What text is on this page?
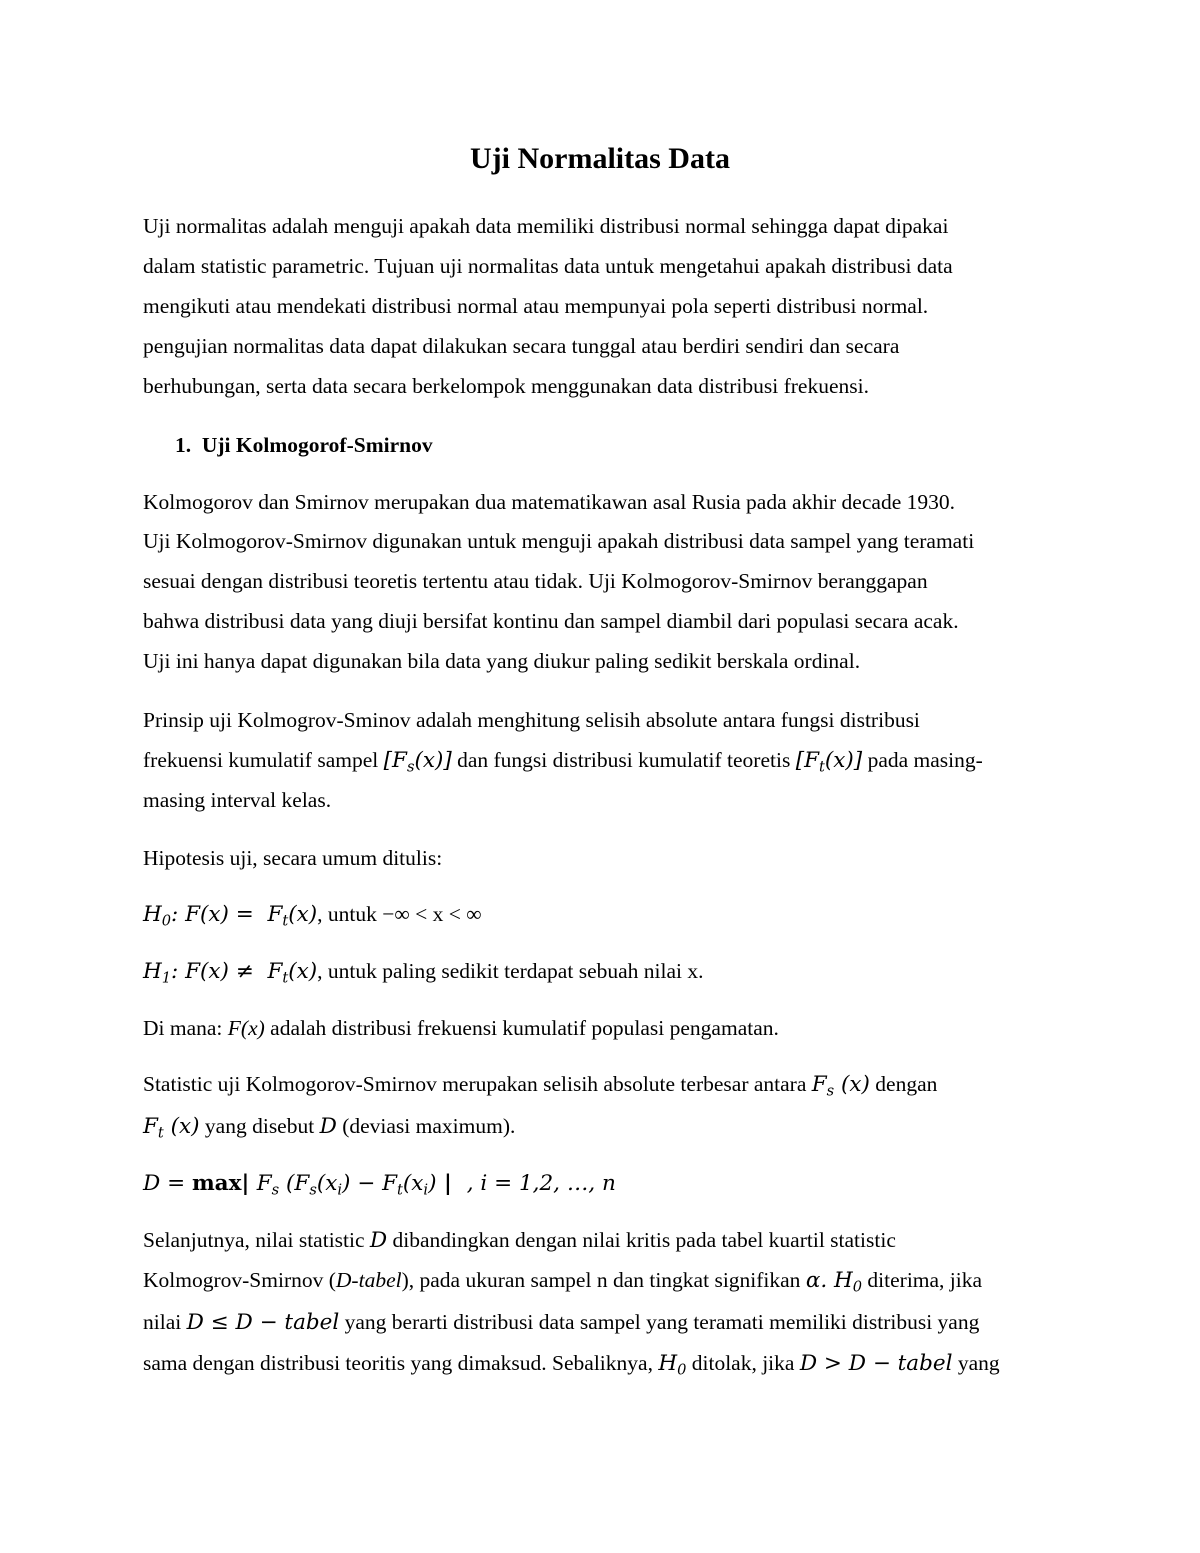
Uji Normalitas Data

Uji normalitas adalah menguji apakah data memiliki distribusi normal sehingga dapat dipakai

dalam statistic parametric. Tujuan uji normalitas data untuk mengetahui apakah distribusi data

mengikuti atau mendekati distribusi normal atau mempunyai pola seperti distribusi normal.

pengujian normalitas data dapat dilakukan secara tunggal atau berdiri sendiri dan secara

berhubungan, serta data secara berkelompok menggunakan data distribusi frekuensi.

1. Uji Kolmogorof-Smirnov

Kolmogorov dan Smirnov merupakan dua matematikawan asal Rusia pada akhir decade 1930.

Uji Kolmogorov-Smirnov digunakan untuk menguji apakah distribusi data sampel yang teramati

sesuai dengan distribusi teoretis tertentu atau tidak. Uji Kolmogorov-Smirnov beranggapan

bahwa distribusi data yang diuji bersifat kontinu dan sampel diambil dari populasi secara acak.

Uji ini hanya dapat digunakan bila data yang diukur paling sedikit berskala ordinal.

Prinsip uji Kolmogrov-Sminov adalah menghitung selisih absolute antara fungsi distribusi

frekuensi kumulatif sampel $[F_s(x)]$ dan fungsi distribusi kumulatif teoretis $[F_t(x)]$ pada masing-

masing interval kelas.

Hipotesis uji, secara umum ditulis:

$H_0$: $F(x) = F_t(x)$, untuk −∞ < x < ∞

$H_1$: $F(x) \ne F_t(x)$, untuk paling sedikit terdapat sebuah nilai x.

Di mana: F(x) adalah distribusi frekuensi kumulatif populasi pengamatan.

Statistic uji Kolmogorov-Smirnov merupakan selisih absolute terbesar antara $F_s$ (x) dengan

$F_t$ (x) yang disebut D (deviasi maximum).

D = max| $F_s$ ($F_s(x_i) - F_t(x_i)$ |  , i = 1,2, …, n

Selanjutnya, nilai statistic D dibandingkan dengan nilai kritis pada tabel kuartil statistic

Kolmogrov-Smirnov (D-tabel), pada ukuran sampel n dan tingkat signifikan α. $H_0$ diterima, jika

nilai D ≤ D − tabel yang berarti distribusi data sampel yang teramati memiliki distribusi yang

sama dengan distribusi teoritis yang dimaksud. Sebaliknya, $H_0$ ditolak, jika D > D − tabel yang
